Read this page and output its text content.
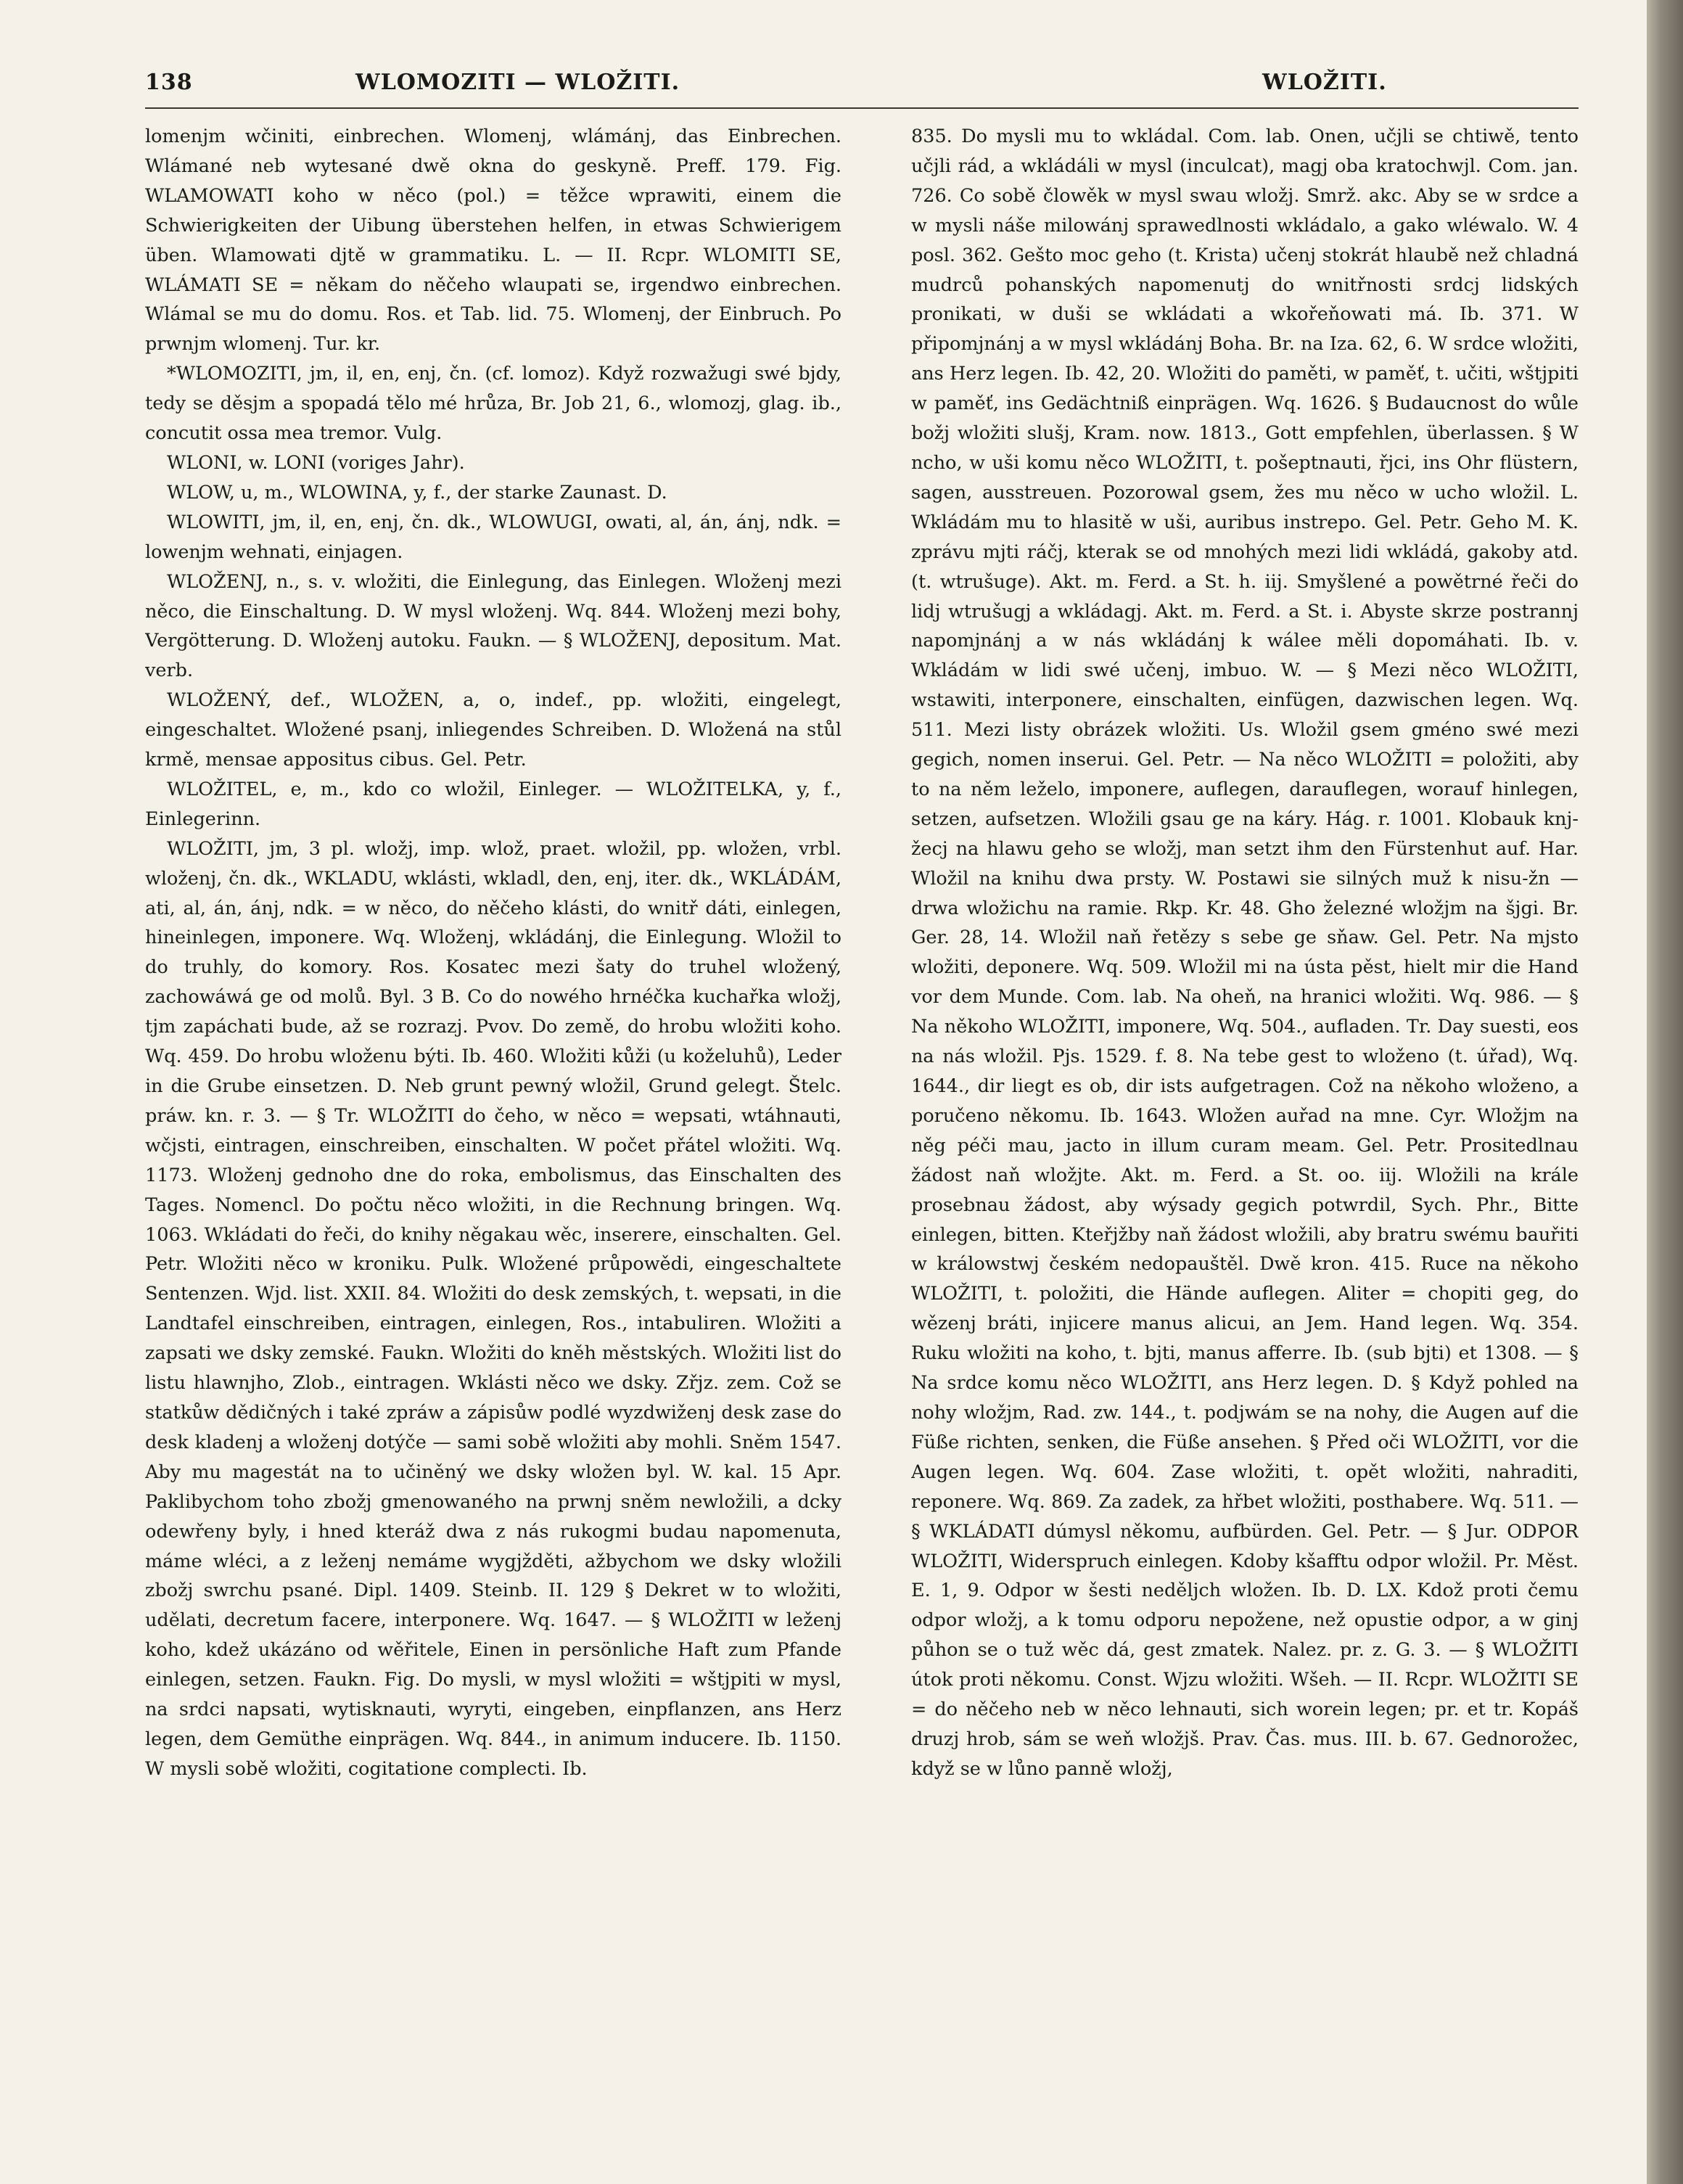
138	WLOMOZITI — WLOŽITI.	WLOŽITI.

lomenjm wčiniti, einbrechen. Wlomenj, wlámánj, das Einbrechen. Wlámané neb wytesané dwě okna do geskyně. Preff. 179. Fig. WLAMOWATI koho w něco (pol.) = těžce wprawiti, einem die Schwierigkeiten der Uibung überstehen helfen, in etwas Schwierigem üben. Wlamowati djtě w grammatiku. L. — II. Rcpr. WLOMITI SE, WLÁMATI SE = někam do něčeho wlaupati se, irgendwo einbrechen. Wlámal se mu do domu. Ros. et Tab. lid. 75. Wlomenj, der Einbruch. Po prwnjm wlomenj. Tur. kr.

*WLOMOZITI, jm, il, en, enj, čn. (cf. lomoz). Když rozwažugi swé bjdy, tedy se děsjm a spopadá tělo mé hrůza, Br. Job 21, 6., wlomozj, glag. ib., concutit ossa mea tremor. Vulg.

WLONI, w. LONI (voriges Jahr).

WLOW, u, m., WLOWINA, y, f., der starke Zaunast. D.

WLOWITI, jm, il, en, enj, čn. dk., WLOWUGI, owati, al, án, ánj, ndk. = lowenjm wehnati, einjagen.

WLOŽENJ, n., s. v. wložiti, die Einlegung, das Einlegen. Wloženj mezi něco, die Einschaltung. D. W mysl wloženj. Wq. 844. Wloženj mezi bohy, Vergötterung. D. Wloženj autoku. Faukn. — § WLOŽENJ, depositum. Mat. verb.

WLOŽENÝ, def., WLOŽEN, a, o, indef., pp. wložiti, eingelegt, eingeschaltet. Wložené psanj, inliegendes Schreiben. D. Wložená na stůl krmě, mensae appositus cibus. Gel. Petr.

WLOŽITEL, e, m., kdo co wložil, Einleger. — WLOŽITELKA, y, f., Einlegerinn.

WLOŽITI, jm, 3 pl. wložj, imp. wlož, praet. wložil, pp. wložen, vrbl. wloženj, čn. dk., WKLADU, wklásti, wkladl, den, enj, iter. dk., WKLÁDÁM, ati, al, án, ánj, ndk. = w něco, do něčeho klásti, do wnitř dáti, einlegen, hineinlegen, imponere. Wq. Wloženj, wkládánj, die Einlegung. Wložil to do truhly, do komory. Ros. Kosatec mezi šaty do truhel wložený, zachowáwá ge od molů. Byl. 3 B. Co do nowého hrnéčka kuchařka wložj, tjm zapáchati bude, až se rozrazj. Pvov. Do země, do hrobu wložiti koho. Wq. 459. Do hrobu wloženu býti. Ib. 460. Wložiti kůži (u koželuhů), Leder in die Grube einsetzen. D. Neb grunt pewný wložil, Grund gelegt. Štelc. práw. kn. r. 3. — § Tr. WLOŽITI do čeho, w něco = wepsati, wtáhnauti, wčjsti, eintragen, einschreiben, einschalten. W počet přátel wložiti. Wq. 1173. Wloženj gednoho dne do roka, embolismus, das Einschalten des Tages. Nomencl. Do počtu něco wložiti, in die Rechnung bringen. Wq. 1063. Wkládati do řeči, do knihy něgakau wěc, inserere, einschalten. Gel. Petr. Wložiti něco w kroniku. Pulk. Wložené průpowědi, eingeschaltete Sentenzen. Wjd. list. XXII. 84. Wložiti do desk zemských, t. wepsati, in die Landtafel einschreiben, eintragen, einlegen, Ros., intabuliren. Wložiti a zapsati we dsky zemské. Faukn. Wložiti do kněh městských. Wložiti list do listu hlawnjho, Zlob., eintragen. Wklásti něco we dsky. Zřjz. zem. Což se statkůw dědičných i také zpráw a zápisůw podlé wyzdwiženj desk zase do desk kladenj a wloženj dotýče — sami sobě wložiti aby mohli. Sněm 1547. Aby mu magestát na to učiněný we dsky wložen byl. W. kal. 15 Apr. Paklibychom toho zbožj gmenowaného na prwnj sněm newložili, a dcky odewřeny byly, i hned kteráž dwa z nás rukogmi budau napomenuta, máme wléci, a z leženj nemáme wygjžděti, ažbychom we dsky wložili zbožj swrchu psané. Dipl. 1409. Steinb. II. 129 § Dekret w to wložiti, udělati, decretum facere, interponere. Wq. 1647. — § WLOŽITI w leženj koho, kdež ukázáno od wěřitele, Einen in persönliche Haft zum Pfande einlegen, setzen. Faukn. Fig. Do mysli, w mysl wložiti = wštjpiti w mysl, na srdci napsati, wytisknauti, wyryti, eingeben, einpflanzen, ans Herz legen, dem Gemüthe einprägen. Wq. 844., in animum inducere. Ib. 1150. W mysli sobě wložiti, cogitatione complecti. Ib.

835. Do mysli mu to wkládal. Com. lab. Onen, učjli se chtiwě, tento učjli rád, a wkládáli w mysl (inculcat), magj oba kratochwjl. Com. jan. 726. Co sobě člowěk w mysl swau wložj. Smrž. akc. Aby se w srdce a w mysli náše milowánj sprawedlnosti wkládalo, a gako wléwalo. W. 4 posl. 362. Gešto moc geho (t. Krista) učenj stokrát hlaubě než chladná mudrců pohanských napomenutj do wnitřnosti srdcj lidských pronikati, w duši se wkládati a wkořeňowati má. Ib. 371. W připomjnánj a w mysl wkládánj Boha. Br. na Iza. 62, 6. W srdce wložiti, ans Herz legen. Ib. 42, 20. Wložiti do paměti, w paměť, t. učiti, wštjpiti w paměť, ins Gedächtniß einprägen. Wq. 1626. § Budaucnost do wůle božj wložiti slušj, Kram. now. 1813., Gott empfehlen, überlassen. § W ncho, w uši komu něco WLOŽITI, t. pošeptnauti, řjci, ins Ohr flüstern, sagen, ausstreuen. Pozorowal gsem, žes mu něco w ucho wložil. L. Wkládám mu to hlasitě w uši, auribus instrepo. Gel. Petr. Geho M. K. zprávu mjti ráčj, kterak se od mnohých mezi lidi wkládá, gakoby atd. (t. wtrušuge). Akt. m. Ferd. a St. h. iij. Smyšlené a powětrné řeči do lidj wtrušugj a wkládagj. Akt. m. Ferd. a St. i. Abyste skrze postrannj napomjnánj a w nás wkládánj k wálee měli dopomáhati. Ib. v. Wkládám w lidi swé učenj, imbuo. W. — § Mezi něco WLOŽITI, wstawiti, interponere, einschalten, einfügen, dazwischen legen. Wq. 511. Mezi listy obrázek wložiti. Us. Wložil gsem gméno swé mezi gegich, nomen inserui. Gel. Petr. — Na něco WLOŽITI = položiti, aby to na něm leželo, imponere, auflegen, darauflegen, worauf hinlegen, setzen, aufsetzen. Wložili gsau ge na káry. Hág. r. 1001. Klobauk knj-žecj na hlawu geho se wložj, man setzt ihm den Fürstenhut auf. Har. Wložil na knihu dwa prsty. W. Postawi sie silných muž k nisu-žn — drwa wložichu na ramie. Rkp. Kr. 48. Gho železné wložjm na šjgi. Br. Ger. 28, 14. Wložil naň řetězy s sebe ge sňaw. Gel. Petr. Na mjsto wložiti, deponere. Wq. 509. Wložil mi na ústa pěst, hielt mir die Hand vor dem Munde. Com. lab. Na oheň, na hranici wložiti. Wq. 986. — § Na někoho WLOŽITI, imponere, Wq. 504., aufladen. Tr. Day suesti, eos na nás wložil. Pjs. 1529. f. 8. Na tebe gest to wloženo (t. úřad), Wq. 1644., dir liegt es ob, dir ists aufgetragen. Což na někoho wloženo, a poručeno někomu. Ib. 1643. Wložen auřad na mne. Cyr. Wložjm na něg péči mau, jacto in illum curam meam. Gel. Petr. Prositedlnau žádost naň wložjte. Akt. m. Ferd. a St. oo. iij. Wložili na krále prosebnau žádost, aby wýsady gegich potwrdil, Sych. Phr., Bitte einlegen, bitten. Kteřjžby naň žádost wložili, aby bratru swému bauřiti w králowstwj českém nedopauštěl. Dwě kron. 415. Ruce na někoho WLOŽITI, t. položiti, die Hände auflegen. Aliter = chopiti geg, do wězenj bráti, injicere manus alicui, an Jem. Hand legen. Wq. 354. Ruku wložiti na koho, t. bjti, manus afferre. Ib. (sub bjti) et 1308. — § Na srdce komu něco WLOŽITI, ans Herz legen. D. § Když pohled na nohy wložjm, Rad. zw. 144., t. podjwám se na nohy, die Augen auf die Füße richten, senken, die Füße ansehen. § Před oči WLOŽITI, vor die Augen legen. Wq. 604. Zase wložiti, t. opět wložiti, nahraditi, reponere. Wq. 869. Za zadek, za hřbet wložiti, posthabere. Wq. 511. — § WKLÁDATI dúmysl někomu, aufbürden. Gel. Petr. — § Jur. ODPOR WLOŽITI, Widerspruch einlegen. Kdoby kšafftu odpor wložil. Pr. Měst. E. 1, 9. Odpor w šesti neděljch wložen. Ib. D. LX. Kdož proti čemu odpor wložj, a k tomu odporu nepožene, než opustie odpor, a w ginj půhon se o tuž wěc dá, gest zmatek. Nalez. pr. z. G. 3. — § WLOŽITI útok proti někomu. Const. Wjzu wložiti. Wšeh. — II. Rcpr. WLOŽITI SE = do něčeho neb w něco lehnauti, sich worein legen; pr. et tr. Kopáš druzj hrob, sám se weň wložjš. Prav. Čas. mus. III. b. 67. Gednorožec, když se w lůno panně wložj,
